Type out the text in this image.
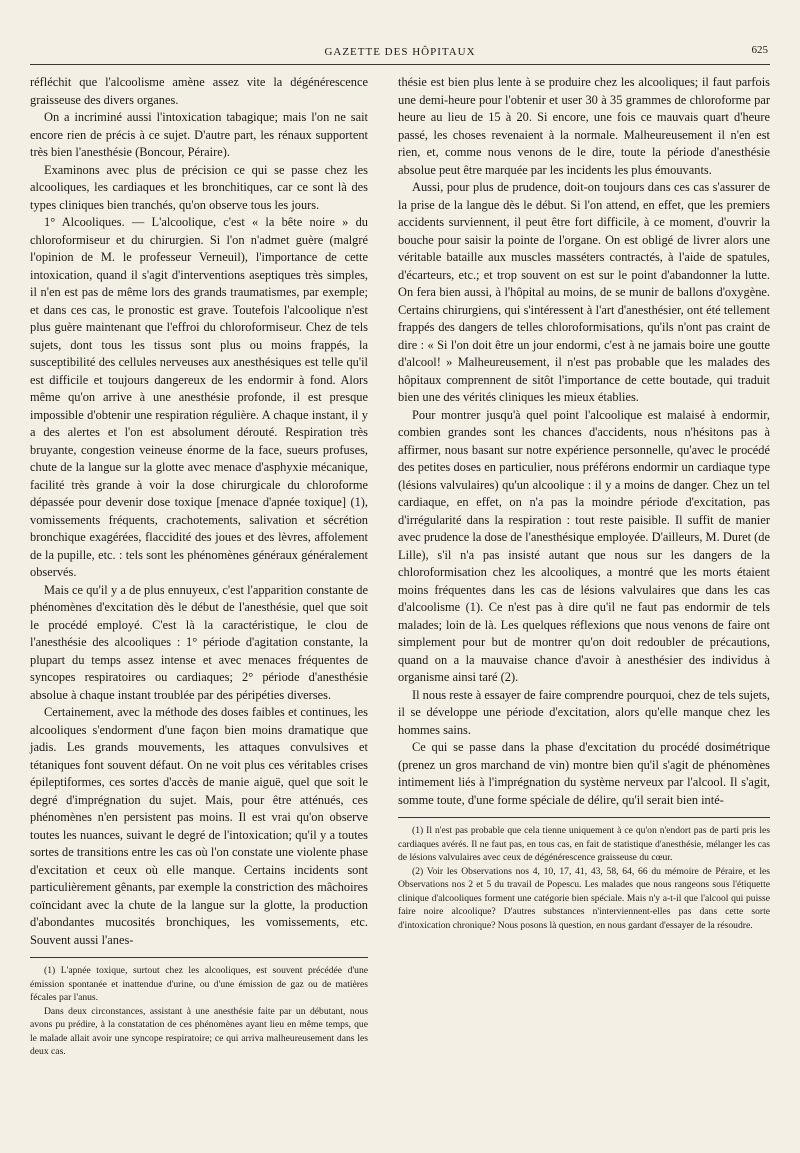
GAZETTE DES HÔPITAUX	625

réfléchit que l'alcoolisme amène assez vite la dégénérescence graisseuse des divers organes.

On a incriminé aussi l'intoxication tabagique; mais l'on ne sait encore rien de précis à ce sujet. D'autre part, les rénaux supportent très bien l'anesthésie (Boncour, Péraire).

Examinons avec plus de précision ce qui se passe chez les alcooliques, les cardiaques et les bronchitiques, car ce sont là des types cliniques bien tranchés, qu'on observe tous les jours.

1° Alcooliques. — L'alcoolique, c'est « la bête noire » du chloroformiseur et du chirurgien. Si l'on n'admet guère (malgré l'opinion de M. le professeur Verneuil), l'importance de cette intoxication, quand il s'agit d'interventions aseptiques très simples, il n'en est pas de même lors des grands traumatismes, par exemple; et dans ces cas, le pronostic est grave. Toutefois l'alcoolique n'est plus guère maintenant que l'effroi du chloroformiseur. Chez de tels sujets, dont tous les tissus sont plus ou moins frappés, la susceptibilité des cellules nerveuses aux anesthésiques est telle qu'il est difficile et toujours dangereux de les endormir à fond. Alors même qu'on arrive à une anesthésie profonde, il est presque impossible d'obtenir une respiration régulière. A chaque instant, il y a des alertes et l'on est absolument dérouté. Respiration très bruyante, congestion veineuse énorme de la face, sueurs profuses, chute de la langue sur la glotte avec menace d'asphyxie mécanique, facilité très grande à voir la dose chirurgicale du chloroforme dépassée pour devenir dose toxique [menace d'apnée toxique] (1), vomissements fréquents, crachotements, salivation et sécrétion bronchique exagérées, flaccidité des joues et des lèvres, affolement de la pupille, etc. : tels sont les phénomènes généraux généralement observés.

Mais ce qu'il y a de plus ennuyeux, c'est l'apparition constante de phénomènes d'excitation dès le début de l'anesthésie, quel que soit le procédé employé. C'est là la caractéristique, le clou de l'anesthésie des alcooliques : 1° période d'agitation constante, la plupart du temps assez intense et avec menaces fréquentes de syncopes respiratoires ou cardiaques; 2° période d'anesthésie absolue à chaque instant troublée par des péripéties diverses.

Certainement, avec la méthode des doses faibles et continues, les alcooliques s'endorment d'une façon bien moins dramatique que jadis. Les grands mouvements, les attaques convulsives et tétaniques font souvent défaut. On ne voit plus ces véritables crises épileptiformes, ces sortes d'accès de manie aiguë, quel que soit le degré d'imprégnation du sujet. Mais, pour être atténués, ces phénomènes n'en persistent pas moins. Il est vrai qu'on observe toutes les nuances, suivant le degré de l'intoxication; qu'il y a toutes sortes de transitions entre les cas où l'on constate une violente phase d'excitation et ceux où elle manque. Certains incidents sont particulièrement gênants, par exemple la constriction des mâchoires coïncidant avec la chute de la langue sur la glotte, la production d'abondantes mucosités bronchiques, les vomissements, etc. Souvent aussi l'anes-

(1) L'apnée toxique, surtout chez les alcooliques, est souvent précédée d'une émission spontanée et inattendue d'urine, ou d'une émission de gaz ou de matières fécales par l'anus.

Dans deux circonstances, assistant à une anesthésie faite par un débutant, nous avons pu prédire, à la constatation de ces phénomènes ayant lieu en même temps, que le malade allait avoir une syncope respiratoire; ce qui arriva malheureusement dans les deux cas.

thésie est bien plus lente à se produire chez les alcooliques; il faut parfois une demi-heure pour l'obtenir et user 30 à 35 grammes de chloroforme par heure au lieu de 15 à 20. Si encore, une fois ce mauvais quart d'heure passé, les choses revenaient à la normale. Malheureusement il n'en est rien, et, comme nous venons de le dire, toute la période d'anesthésie absolue peut être marquée par les incidents les plus émouvants.

Aussi, pour plus de prudence, doit-on toujours dans ces cas s'assurer de la prise de la langue dès le début. Si l'on attend, en effet, que les premiers accidents surviennent, il peut être fort difficile, à ce moment, d'ouvrir la bouche pour saisir la pointe de l'organe. On est obligé de livrer alors une véritable bataille aux muscles masséters contractés, à l'aide de spatules, d'écarteurs, etc.; et trop souvent on est sur le point d'abandonner la lutte. On fera bien aussi, à l'hôpital au moins, de se munir de ballons d'oxygène. Certains chirurgiens, qui s'intéressent à l'art d'anesthésier, ont été tellement frappés des dangers de telles chloroformisations, qu'ils n'ont pas craint de dire : « Si l'on doit être un jour endormi, c'est à ne jamais boire une goutte d'alcool! » Malheureusement, il n'est pas probable que les malades des hôpitaux comprennent de sitôt l'importance de cette boutade, qui traduit bien une des vérités cliniques les mieux établies.

Pour montrer jusqu'à quel point l'alcoolique est malaisé à endormir, combien grandes sont les chances d'accidents, nous n'hésitons pas à affirmer, nous basant sur notre expérience personnelle, qu'avec le procédé des petites doses en particulier, nous préférons endormir un cardiaque type (lésions valvulaires) qu'un alcoolique : il y a moins de danger. Chez un tel cardiaque, en effet, on n'a pas la moindre période d'excitation, pas d'irrégularité dans la respiration : tout reste paisible. Il suffit de manier avec prudence la dose de l'anesthésique employée. D'ailleurs, M. Duret (de Lille), s'il n'a pas insisté autant que nous sur les dangers de la chloroformisation chez les alcooliques, a montré que les morts étaient moins fréquentes dans les cas de lésions valvulaires que dans les cas d'alcoolisme (1). Ce n'est pas à dire qu'il ne faut pas endormir de tels malades; loin de là. Les quelques réflexions que nous venons de faire ont simplement pour but de montrer qu'on doit redoubler de précautions, quand on a la mauvaise chance d'avoir à anesthésier des individus à organisme ainsi taré (2).

Il nous reste à essayer de faire comprendre pourquoi, chez de tels sujets, il se développe une période d'excitation, alors qu'elle manque chez les hommes sains.

Ce qui se passe dans la phase d'excitation du procédé dosimétrique (prenez un gros marchand de vin) montre bien qu'il s'agit de phénomènes intimement liés à l'imprégnation du système nerveux par l'alcool. Il s'agit, somme toute, d'une forme spéciale de délire, qu'il serait bien inté-

(1) Il n'est pas probable que cela tienne uniquement à ce qu'on n'endort pas de parti pris les cardiaques avérés. Il ne faut pas, en tous cas, en fait de statistique d'anesthésie, mélanger les cas de lésions valvulaires avec ceux de dégénérescence graisseuse du cœur.

(2) Voir les Observations nos 4, 10, 17, 41, 43, 58, 64, 66 du mémoire de Péraire, et les Observations nos 2 et 5 du travail de Popescu. Les malades que nous rangeons sous l'étiquette clinique d'alcooliques forment une catégorie bien spéciale. Mais n'y a-t-il que l'alcool qui puisse faire noire alcoolique? D'autres substances n'interviennent-elles pas dans cette sorte d'intoxication chronique? Nous posons là question, en nous gardant d'essayer de la résoudre.
